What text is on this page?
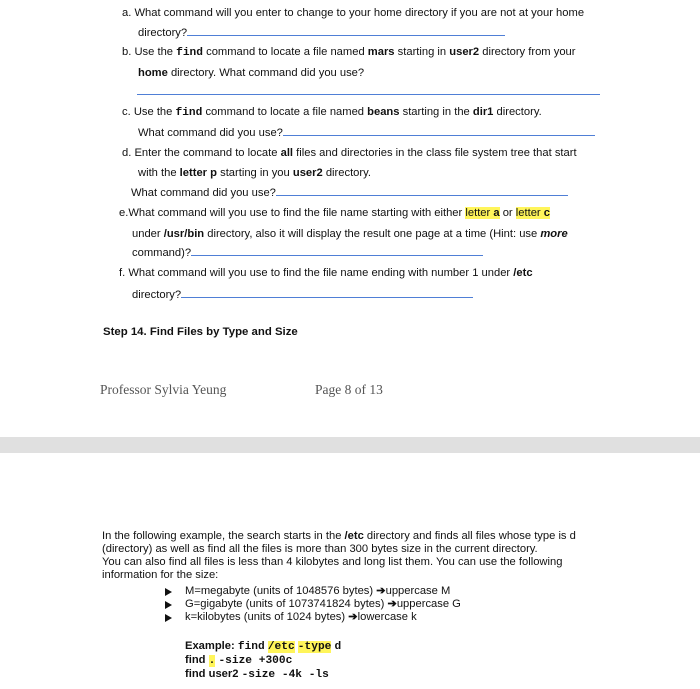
a. What command will you enter to change to your home directory if you are not at your home
directory?
b. Use the find command to locate a file named mars starting in user2 directory from your
home directory. What command did you use?
c. Use the find command to locate a file named beans starting in the dir1 directory.
What command did you use?
d. Enter the command to locate all files and directories in the class file system tree that start
with the letter p starting in you user2 directory.
What command did you use?
e.What command will you use to find the file name starting with either letter a or letter c
under /usr/bin directory, also it will display the result one page at a time (Hint: use more
command)?
f. What command will you use to find the file name ending with number 1 under /etc
directory?
Step 14. Find Files by Type and Size
Professor Sylvia Yeung	Page 8 of 13
In the following example, the search starts in the /etc directory and finds all files whose type is d
(directory) as well as find all the files is more than 300 bytes size in the current directory.
You can also find all files is less than 4 kilobytes and long list them. You can use the following
information for the size:
M=megabyte (units of 1048576 bytes) ➔uppercase M
G=gigabyte (units of 1073741824 bytes) ➔uppercase G
k=kilobytes (units of 1024 bytes) ➔lowercase k
Example: find /etc -type d
find . -size +300c
find user2 -size -4k -ls
